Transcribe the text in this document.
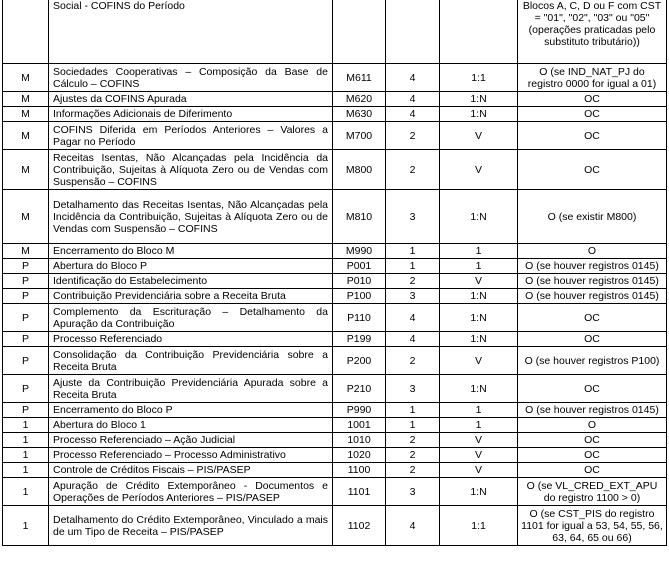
	Social - COFINS do Período				Blocos A, C, D ou F com CST = "01", "02", "03" ou "05" (operações praticadas pelo substituto tributário))
M	Sociedades Cooperativas – Composição da Base de Cálculo – COFINS	M611	4	1:1	O (se IND_NAT_PJ do registro 0000 for igual a 01)
M	Ajustes da COFINS Apurada	M620	4	1:N	OC
M	Informações Adicionais de Diferimento	M630	4	1:N	OC
M	COFINS Diferida em Períodos Anteriores – Valores a Pagar no Período	M700	2	V	OC
M	Receitas Isentas, Não Alcançadas pela Incidência da Contribuição, Sujeitas à Alíquota Zero ou de Vendas com Suspensão – COFINS	M800	2	V	OC
M	Detalhamento das Receitas Isentas, Não Alcançadas pela Incidência da Contribuição, Sujeitas à Alíquota Zero ou de Vendas com Suspensão – COFINS	M810	3	1:N	O (se existir M800)
M	Encerramento do Bloco M	M990	1	1	O
P	Abertura do Bloco P	P001	1	1	O (se houver registros 0145)
P	Identificação do Estabelecimento	P010	2	V	O (se houver registros 0145)
P	Contribuição Previdenciária sobre a Receita Bruta	P100	3	1:N	O (se houver registros 0145)
P	Complemento da Escrituração – Detalhamento da Apuração da Contribuição	P110	4	1:N	OC
P	Processo Referenciado	P199	4	1:N	OC
P	Consolidação da Contribuição Previdenciária sobre a Receita Bruta	P200	2	V	O (se houver registros P100)
P	Ajuste da Contribuição Previdenciária Apurada sobre a Receita Bruta	P210	3	1:N	OC
P	Encerramento do Bloco P	P990	1	1	O (se houver registros 0145)
1	Abertura do Bloco 1	1001	1	1	O
1	Processo Referenciado – Ação Judicial	1010	2	V	OC
1	Processo Referenciado – Processo Administrativo	1020	2	V	OC
1	Controle de Créditos Fiscais – PIS/PASEP	1100	2	V	OC
1	Apuração de Crédito Extemporâneo - Documentos e Operações de Períodos Anteriores – PIS/PASEP	1101	3	1:N	O (se VL_CRED_EXT_APU do registro 1100 > 0)
1	Detalhamento do Crédito Extemporâneo, Vinculado a mais de um Tipo de Receita – PIS/PASEP	1102	4	1:1	O (se CST_PIS do registro 1101 for igual a 53, 54, 55, 56, 63, 64, 65 ou 66)
